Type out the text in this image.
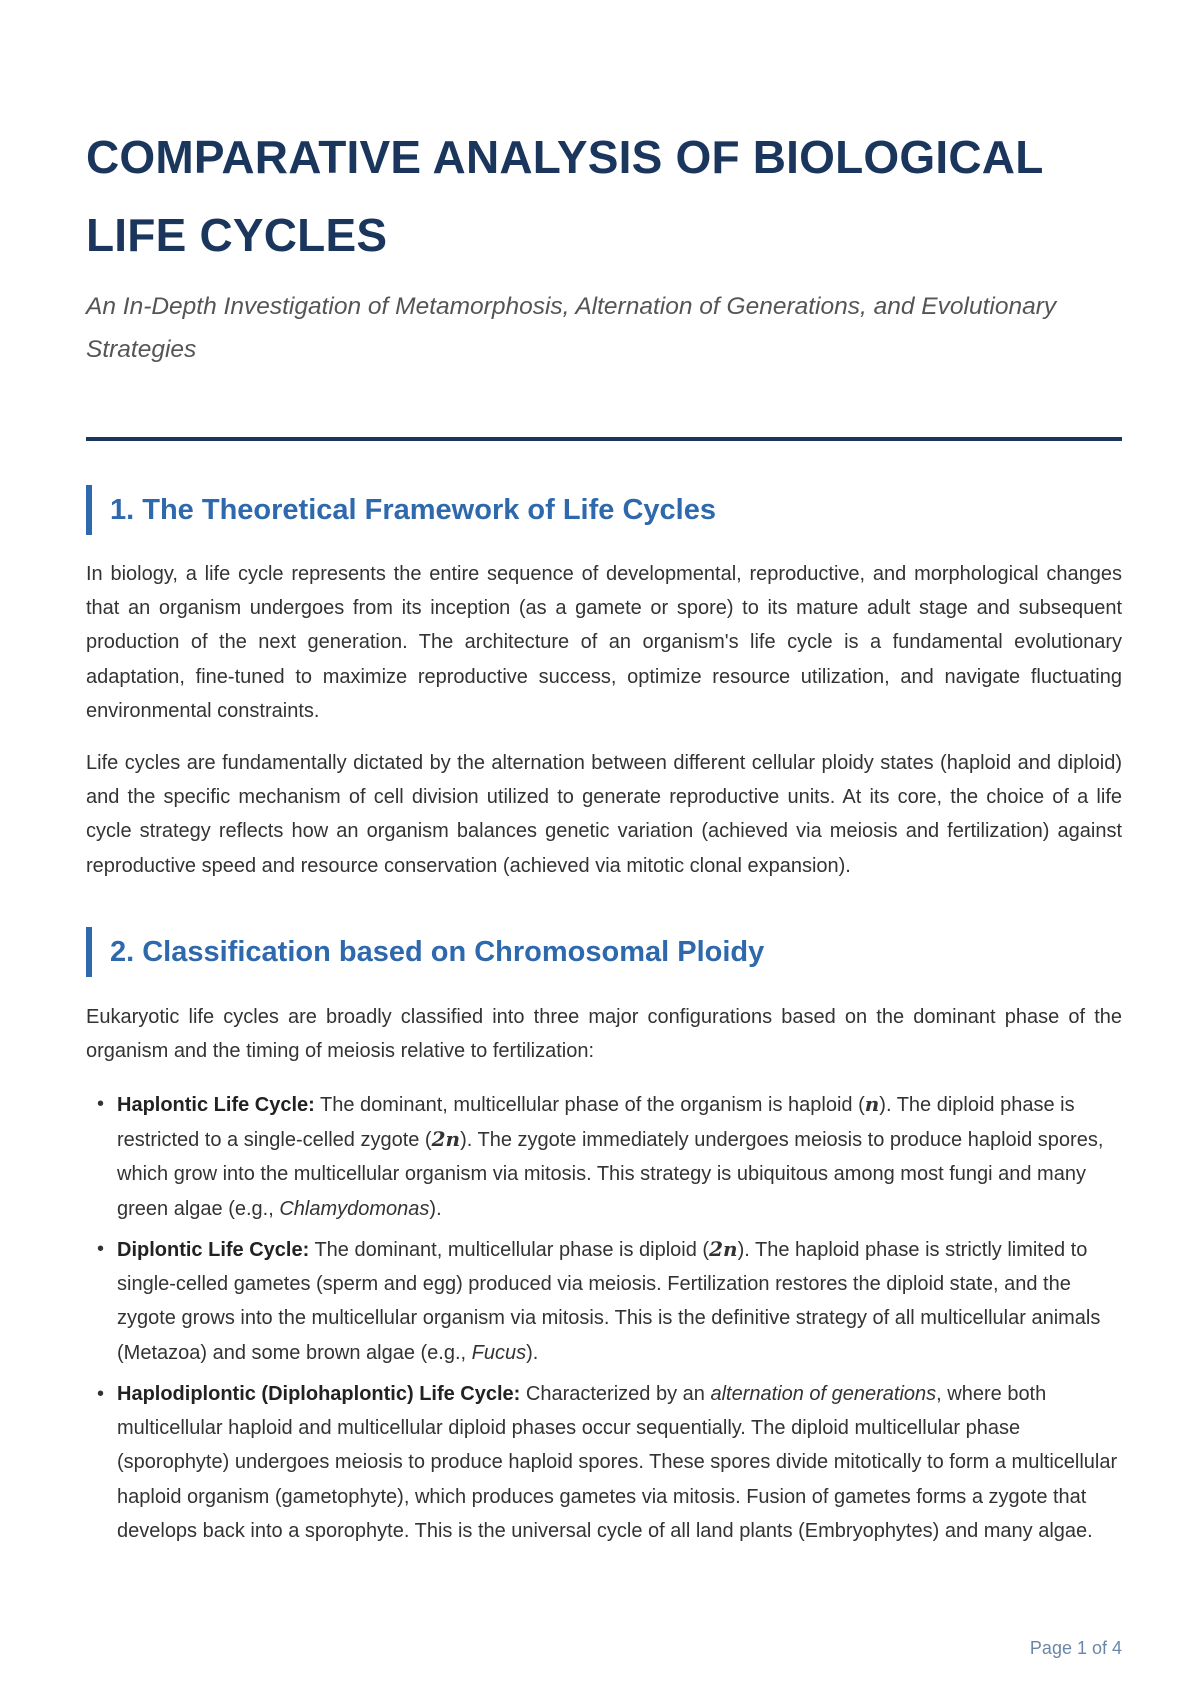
COMPARATIVE ANALYSIS OF BIOLOGICAL LIFE CYCLES

An In-Depth Investigation of Metamorphosis, Alternation of Generations, and Evolutionary Strategies

1. The Theoretical Framework of Life Cycles

In biology, a life cycle represents the entire sequence of developmental, reproductive, and morphological changes that an organism undergoes from its inception (as a gamete or spore) to its mature adult stage and subsequent production of the next generation. The architecture of an organism's life cycle is a fundamental evolutionary adaptation, fine-tuned to maximize reproductive success, optimize resource utilization, and navigate fluctuating environmental constraints.

Life cycles are fundamentally dictated by the alternation between different cellular ploidy states (haploid and diploid) and the specific mechanism of cell division utilized to generate reproductive units. At its core, the choice of a life cycle strategy reflects how an organism balances genetic variation (achieved via meiosis and fertilization) against reproductive speed and resource conservation (achieved via mitotic clonal expansion).

2. Classification based on Chromosomal Ploidy

Eukaryotic life cycles are broadly classified into three major configurations based on the dominant phase of the organism and the timing of meiosis relative to fertilization:

• Haplontic Life Cycle: The dominant, multicellular phase of the organism is haploid (n). The diploid phase is restricted to a single-celled zygote (2n). The zygote immediately undergoes meiosis to produce haploid spores, which grow into the multicellular organism via mitosis. This strategy is ubiquitous among most fungi and many green algae (e.g., Chlamydomonas).
• Diplontic Life Cycle: The dominant, multicellular phase is diploid (2n). The haploid phase is strictly limited to single-celled gametes (sperm and egg) produced via meiosis. Fertilization restores the diploid state, and the zygote grows into the multicellular organism via mitosis. This is the definitive strategy of all multicellular animals (Metazoa) and some brown algae (e.g., Fucus).
• Haplodiplontic (Diplohaplontic) Life Cycle: Characterized by an alternation of generations, where both multicellular haploid and multicellular diploid phases occur sequentially. The diploid multicellular phase (sporophyte) undergoes meiosis to produce haploid spores. These spores divide mitotically to form a multicellular haploid organism (gametophyte), which produces gametes via mitosis. Fusion of gametes forms a zygote that develops back into a sporophyte. This is the universal cycle of all land plants (Embryophytes) and many algae.
Page 1 of 4
